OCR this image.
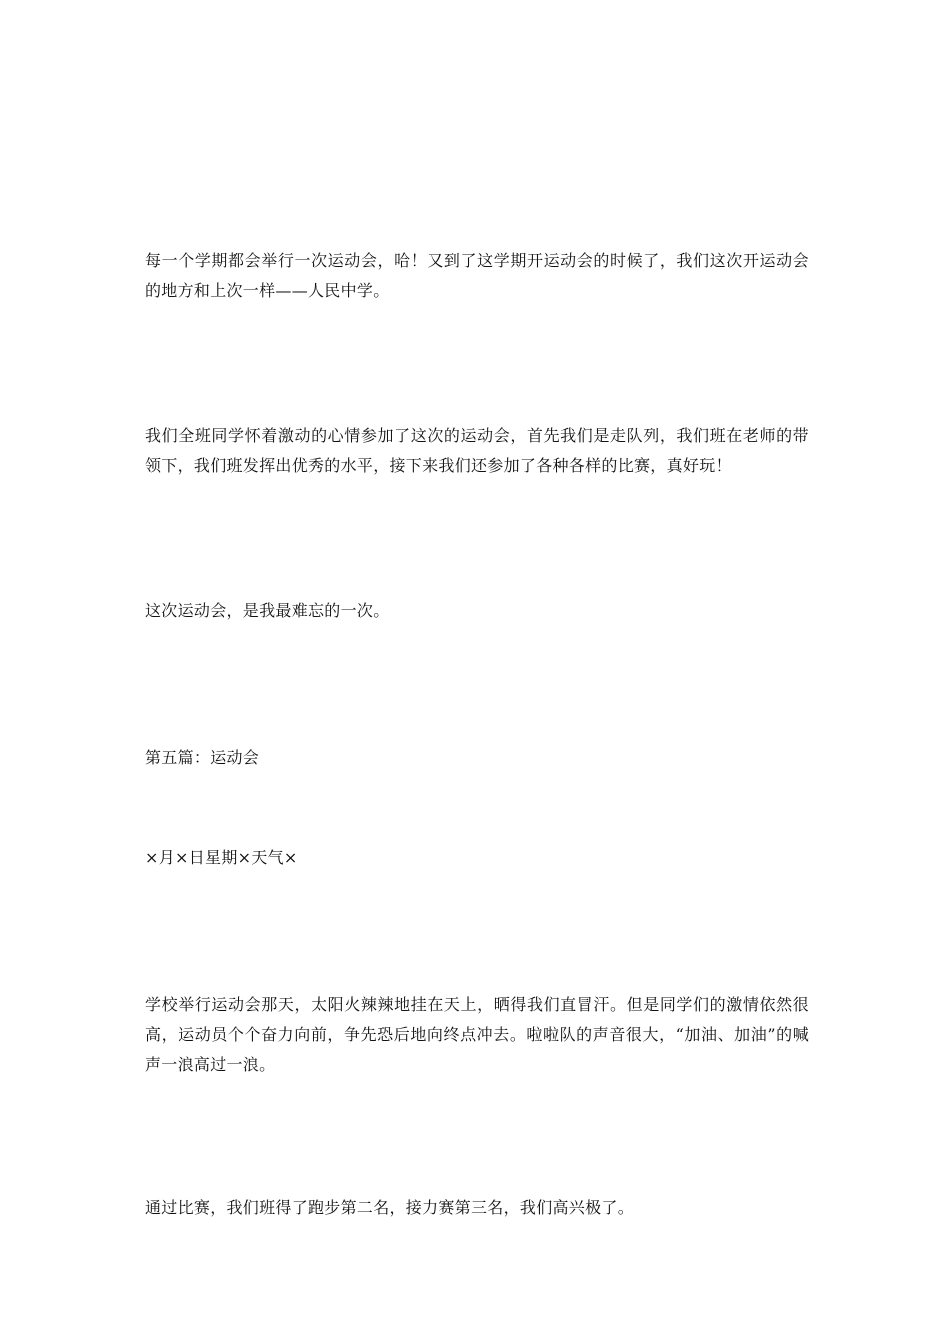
每一个学期都会举行一次运动会，哈！又到了这学期开运动会的时候了，我们这次开运动会的地方和上次一样——人民中学。

我们全班同学怀着激动的心情参加了这次的运动会，首先我们是走队列，我们班在老师的带领下，我们班发挥出优秀的水平，接下来我们还参加了各种各样的比赛，真好玩！

这次运动会，是我最难忘的一次。

第五篇：运动会

×月×日星期×天气×

学校举行运动会那天，太阳火辣辣地挂在天上，晒得我们直冒汗。但是同学们的激情依然很高，运动员个个奋力向前，争先恐后地向终点冲去。啦啦队的声音很大，“加油、加油”的喊声一浪高过一浪。

通过比赛，我们班得了跑步第二名，接力赛第三名，我们高兴极了。
